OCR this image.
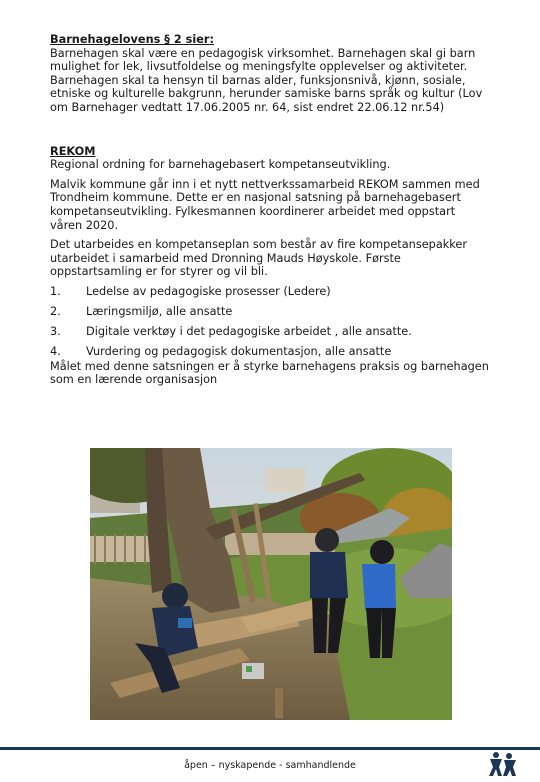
Barnehagelovens § 2 sier:

Barnehagen skal være en pedagogisk virksomhet. Barnehagen skal gi barn mulighet for lek, livsutfoldelse og meningsfylte opplevelser og aktiviteter. Barnehagen skal ta hensyn til barnas alder, funksjonsnivå, kjønn, sosiale, etniske og kulturelle bakgrunn, herunder samiske barns språk og kultur (Lov om Barnehager vedtatt 17.06.2005 nr. 64, sist endret 22.06.12 nr.54)

REKOM

Regional ordning for barnehagebasert kompetanseutvikling.

Malvik kommune går inn i et nytt nettverkssamarbeid REKOM sammen med Trondheim kommune. Dette er en nasjonal satsning på barnehagebasert kompetanseutvikling. Fylkesmannen koordinerer arbeidet med oppstart våren 2020.

Det utarbeides en kompetanseplan som består av fire kompetansepakker utarbeidet i samarbeid med Dronning Mauds Høyskole. Første oppstartsamling er for styrer og vil bli.

1.	Ledelse av pedagogiske prosesser (Ledere)
2.	Læringsmiljø, alle ansatte
3.	Digitale verktøy i det pedagogiske arbeidet , alle ansatte.
4.	Vurdering og pedagogisk dokumentasjon, alle ansatte

Målet med denne satsningen er å styrke barnehagens praksis og barnehagen som en lærende organisasjon

åpen – nyskapende - samhandlende
